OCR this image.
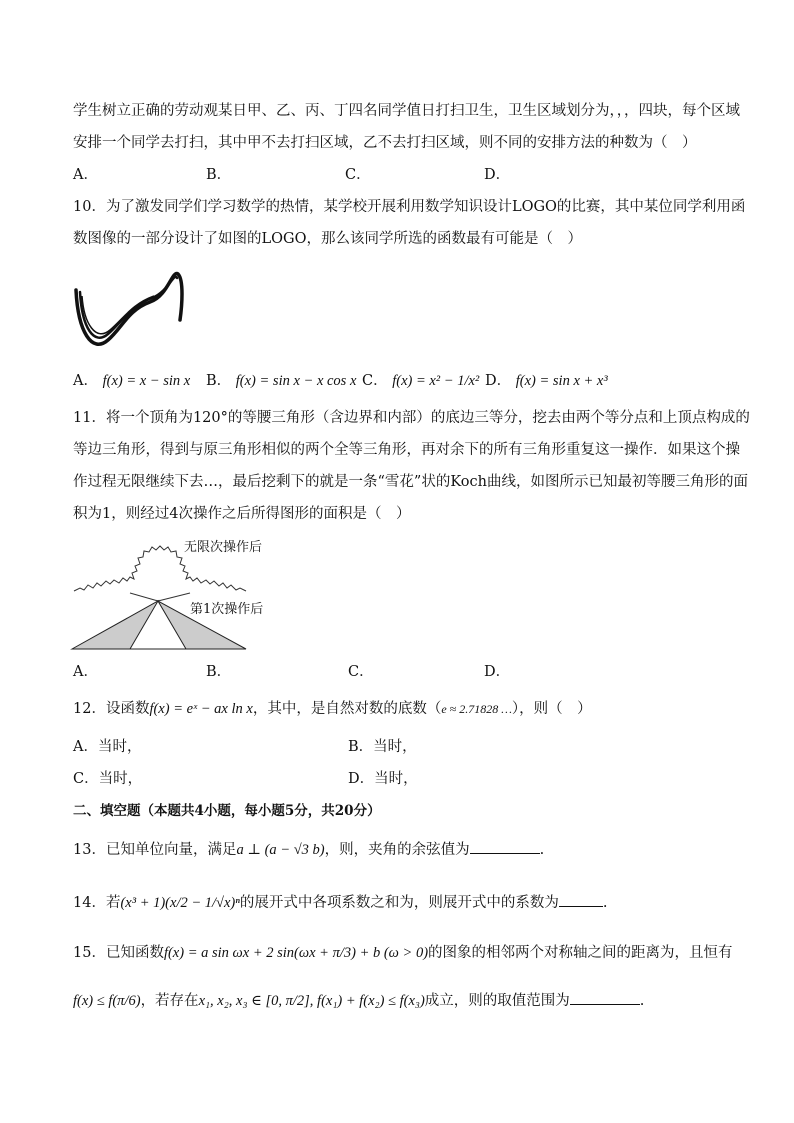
学生树立正确的劳动观某日甲、乙、丙、丁四名同学值日打扫卫生，卫生区域划分为，，，四块，每个区域
安排一个同学去打扫，其中甲不去打扫区域，乙不去打扫区域，则不同的安排方法的种数为（　）
A．	B．	C．	D．
10．为了激发同学们学习数学的热情，某学校开展利用数学知识设计LOGO的比赛，其中某位同学利用函
数图像的一部分设计了如图的LOGO，那么该同学所选的函数最有可能是（　）
A． f(x) = x − sin x B． f(x) = sin x − x cos x C． f(x) = x² − 1/x² D． f(x) = sin x + x³
11．将一个顶角为120°的等腰三角形（含边界和内部）的底边三等分，挖去由两个等分点和上顶点构成的
等边三角形，得到与原三角形相似的两个全等三角形，再对余下的所有三角形重复这一操作．如果这个操
作过程无限继续下去…，最后挖剩下的就是一条“雪花”状的Koch曲线，如图所示已知最初等腰三角形的面
积为1，则经过4次操作之后所得图形的面积是（　）
无限次操作后
第1次操作后
A．	B．	C．	D．
12．设函数f(x) = eˣ − ax ln x，其中，是自然对数的底数（e ≈ 2.71828 …），则（　）
A．当时，	B．当时，
C．当时，	D．当时，
二、填空题（本题共4小题，每小题5分，共20分）
13．已知单位向量，满足a ⊥ (a − √3 b)，则，夹角的余弦值为	.
14．若(x³ + 1)(x/2 − 1/√x)ⁿ的展开式中各项系数之和为，则展开式中的系数为	.
15．已知函数f(x) = a sin ωx + 2 sin(ωx + π/3) + b (ω > 0)的图象的相邻两个对称轴之间的距离为，且恒有
f(x) ≤ f(π/6)，若存在x₁, x₂, x₃ ∈ [0, π/2], f(x₁) + f(x₂) ≤ f(x₃)成立，则的取值范围为	.
